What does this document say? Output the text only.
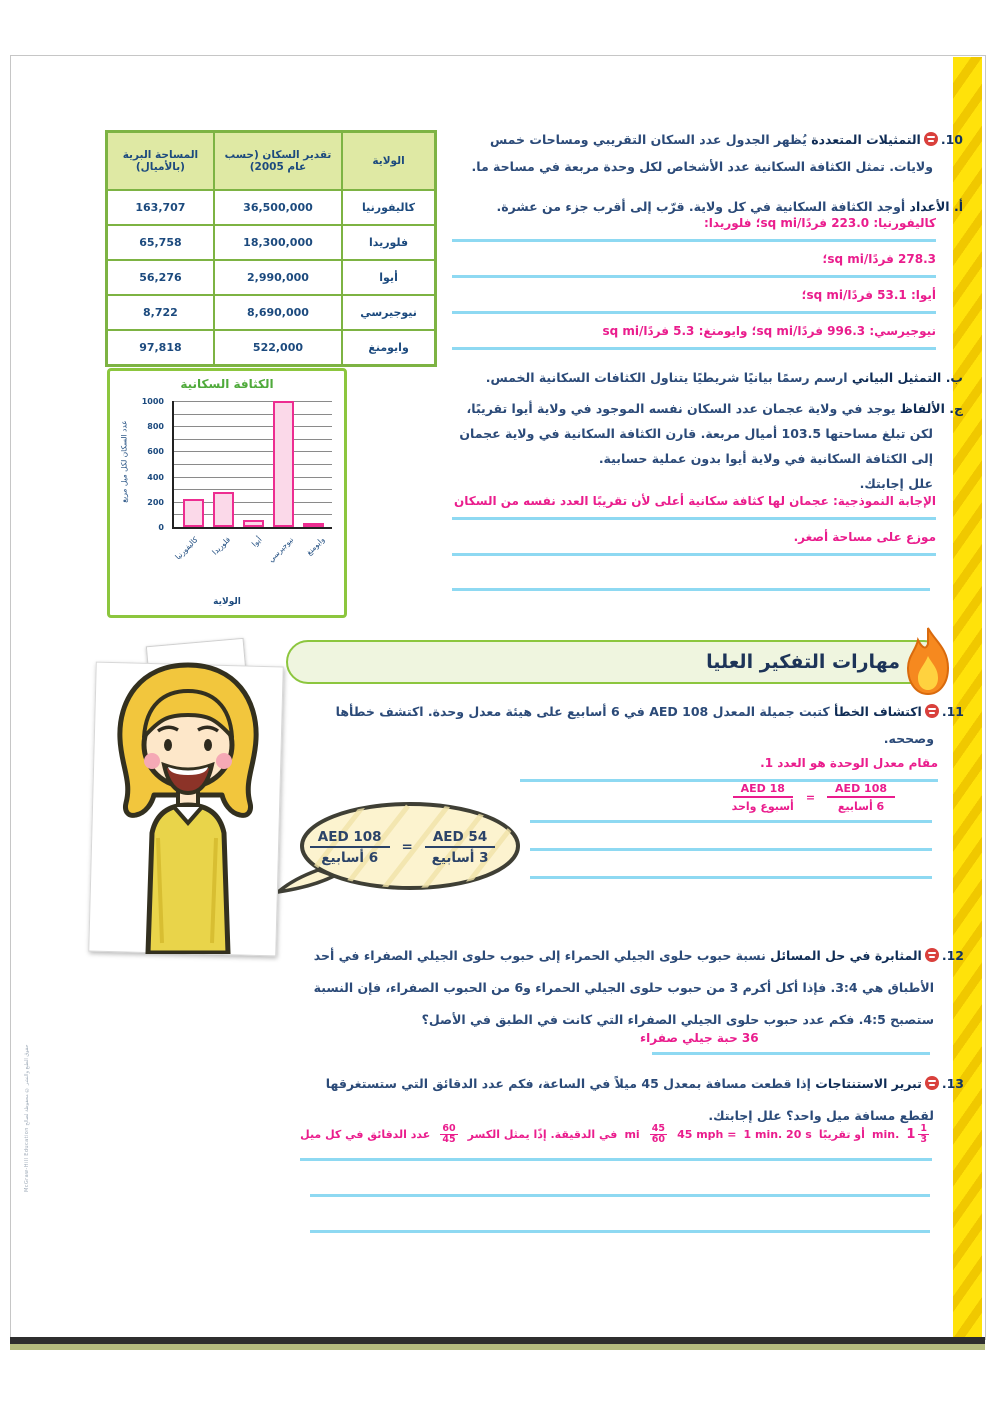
حقوق الطبع والنشر © محفوظة لصالح McGraw-Hill Education
الولاية	تقدير السكان (حسب عام 2005)	المساحة البرية (بالأميال)
كاليفورنيا	36,500,000	163,707
فلوريدا	18,300,000	65,758
أيوا	2,990,000	56,276
نيوجيرسي	8,690,000	8,722
وايومنغ	522,000	97,818
الكثافة السكانية
عدد السكان لكل ميل مربع
0
200
400
600
800
1000
كاليفورنيا فلوريدا أيوا نيوجيرسي وايومنغ
الولاية
10.
التمثيلات المتعددة يُظهر الجدول عدد السكان التقريبي ومساحات خمس ولايات. تمثل الكثافة السكانية عدد الأشخاص لكل وحدة مربعة في مساحة ما.
أ. الأعداد أوجد الكثافة السكانية في كل ولاية. قرّب إلى أقرب جزء من عشرة.
كاليفورنيا: 223.0 فردًا/sq mi؛ فلوريدا:
278.3 فردًا/sq mi؛
أيوا: 53.1 فردًا/sq mi؛
نيوجيرسي: 996.3 فردًا/sq mi؛ وايومنغ: 5.3 فردًا/sq mi
ب. التمثيل البياني ارسم رسمًا بيانيًا شريطيًا يتناول الكثافات السكانية الخمس.
ج. الألفاظ يوجد في ولاية عجمان عدد السكان نفسه الموجود في ولاية أيوا تقريبًا، لكن تبلغ مساحتها 103.5 أميال مربعة. قارن الكثافة السكانية في ولاية عجمان إلى الكثافة السكانية في ولاية أيوا بدون عملية حسابية.
علل إجابتك.
الإجابة النموذجية: عجمان لها كثافة سكانية أعلى لأن تقريبًا العدد نفسه من السكان
موزع على مساحة أصغر.
مهارات التفكير العليا
11.
اكتشاف الخطأ كتبت جميلة المعدل AED 108 في 6 أسابيع على هيئة معدل وحدة. اكتشف خطأها وصححه.
مقام معدل الوحدة هو العدد 1.
$\frac{\text{AED 108}}{\text{6 أسابيع}}$
=
$\frac{\text{AED 18}}{\text{أسبوع واحد}}$
$\frac{\text{AED 54}}{\text{3 أسابيع}}$
=
$\frac{\text{AED 108}}{\text{6 أسابيع}}$
12.
المثابرة في حل المسائل نسبة حبوب حلوى الجيلي الحمراء إلى حبوب حلوى الجيلي الصفراء في أحد الأطباق هي 3:4. فإذا أكل أكرم 3 من حبوب حلوى الجيلي الحمراء و6 من الحبوب الصفراء، فإن النسبة ستصبح 4:5. فكم عدد حبوب حلوى الجيلي الصفراء التي كانت في الطبق في الأصل؟
36 حبة جيلي صفراء
13.
تبرير الاستنتاجات إذا قطعت مسافة بمعدل 45 ميلاً في الساعة، فكم عدد الدقائق التي ستستغرقها لقطع مسافة ميل واحد؟ علل إجابتك.
$1 \frac{1}{3}$
min.
أو تقريبًا
1 min. 20 s
45 mph =
$\frac{45}{60}$
mi
في الدقيقة. إذًا يمثل الكسر
$\frac{60}{45}$
عدد الدقائق في كل ميل
